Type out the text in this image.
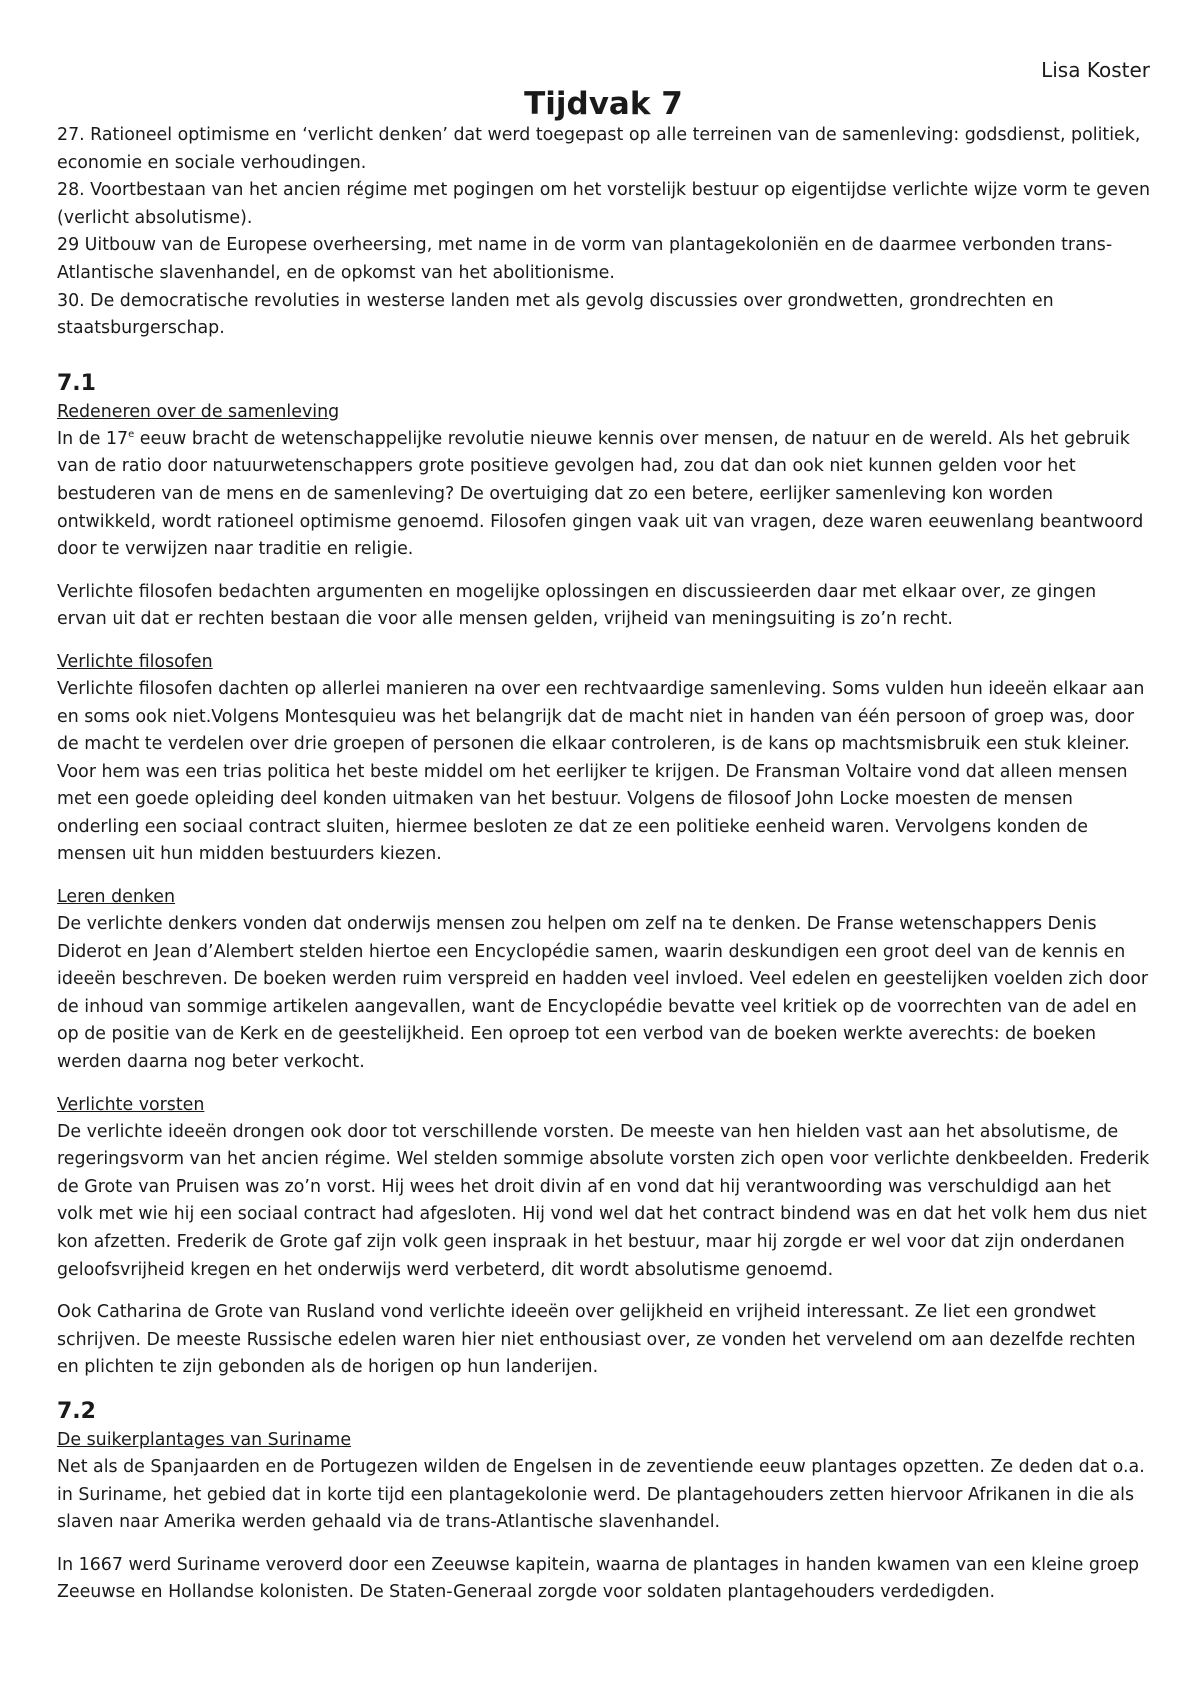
Lisa Koster
Tijdvak 7

27. Rationeel optimisme en ‘verlicht denken’ dat werd toegepast op alle terreinen van de samenleving: godsdienst, politiek, economie en sociale verhoudingen.

28. Voortbestaan van het ancien régime met pogingen om het vorstelijk bestuur op eigentijdse verlichte wijze vorm te geven (verlicht absolutisme).

29 Uitbouw van de Europese overheersing, met name in de vorm van plantagekoloniën en de daarmee verbonden trans-Atlantische slavenhandel, en de opkomst van het abolitionisme.

30. De democratische revoluties in westerse landen met als gevolg discussies over grondwetten, grondrechten en staatsburgerschap.

7.1

Redeneren over de samenleving

In de 17e eeuw bracht de wetenschappelijke revolutie nieuwe kennis over mensen, de natuur en de wereld. Als het gebruik van de ratio door natuurwetenschappers grote positieve gevolgen had, zou dat dan ook niet kunnen gelden voor het bestuderen van de mens en de samenleving? De overtuiging dat zo een betere, eerlijker samenleving kon worden ontwikkeld, wordt rationeel optimisme genoemd. Filosofen gingen vaak uit van vragen, deze waren eeuwenlang beantwoord door te verwijzen naar traditie en religie.

Verlichte filosofen bedachten argumenten en mogelijke oplossingen en discussieerden daar met elkaar over, ze gingen ervan uit dat er rechten bestaan die voor alle mensen gelden, vrijheid van meningsuiting is zo’n recht.

Verlichte filosofen

Verlichte filosofen dachten op allerlei manieren na over een rechtvaardige samenleving. Soms vulden hun ideeën elkaar aan en soms ook niet.Volgens Montesquieu was het belangrijk dat de macht niet in handen van één persoon of groep was, door de macht te verdelen over drie groepen of personen die elkaar controleren, is de kans op machtsmisbruik een stuk kleiner. Voor hem was een trias politica het beste middel om het eerlijker te krijgen. De Fransman Voltaire vond dat alleen mensen met een goede opleiding deel konden uitmaken van het bestuur. Volgens de filosoof John Locke moesten de mensen onderling een sociaal contract sluiten, hiermee besloten ze dat ze een politieke eenheid waren. Vervolgens konden de mensen uit hun midden bestuurders kiezen.

Leren denken

De verlichte denkers vonden dat onderwijs mensen zou helpen om zelf na te denken. De Franse wetenschappers Denis Diderot en Jean d’Alembert stelden hiertoe een Encyclopédie samen, waarin deskundigen een groot deel van de kennis en ideeën beschreven. De boeken werden ruim verspreid en hadden veel invloed. Veel edelen en geestelijken voelden zich door de inhoud van sommige artikelen aangevallen, want de Encyclopédie bevatte veel kritiek op de voorrechten van de adel en op de positie van de Kerk en de geestelijkheid. Een oproep tot een verbod van de boeken werkte averechts: de boeken werden daarna nog beter verkocht.

Verlichte vorsten

De verlichte ideeën drongen ook door tot verschillende vorsten. De meeste van hen hielden vast aan het absolutisme, de regeringsvorm van het ancien régime. Wel stelden sommige absolute vorsten zich open voor verlichte denkbeelden. Frederik de Grote van Pruisen was zo’n vorst. Hij wees het droit divin af en vond dat hij verantwoording was verschuldigd aan het volk met wie hij een sociaal contract had afgesloten. Hij vond wel dat het contract bindend was en dat het volk hem dus niet kon afzetten. Frederik de Grote gaf zijn volk geen inspraak in het bestuur, maar hij zorgde er wel voor dat zijn onderdanen geloofsvrijheid kregen en het onderwijs werd verbeterd, dit wordt absolutisme genoemd.

Ook Catharina de Grote van Rusland vond verlichte ideeën over gelijkheid en vrijheid interessant. Ze liet een grondwet schrijven. De meeste Russische edelen waren hier niet enthousiast over, ze vonden het vervelend om aan dezelfde rechten en plichten te zijn gebonden als de horigen op hun landerijen.

7.2

De suikerplantages van Suriname

Net als de Spanjaarden en de Portugezen wilden de Engelsen in de zeventiende eeuw plantages opzetten. Ze deden dat o.a. in Suriname, het gebied dat in korte tijd een plantagekolonie werd. De plantagehouders zetten hiervoor Afrikanen in die als slaven naar Amerika werden gehaald via de trans-Atlantische slavenhandel.

In 1667 werd Suriname veroverd door een Zeeuwse kapitein, waarna de plantages in handen kwamen van een kleine groep Zeeuwse en Hollandse kolonisten. De Staten-Generaal zorgde voor soldaten plantagehouders verdedigden.
